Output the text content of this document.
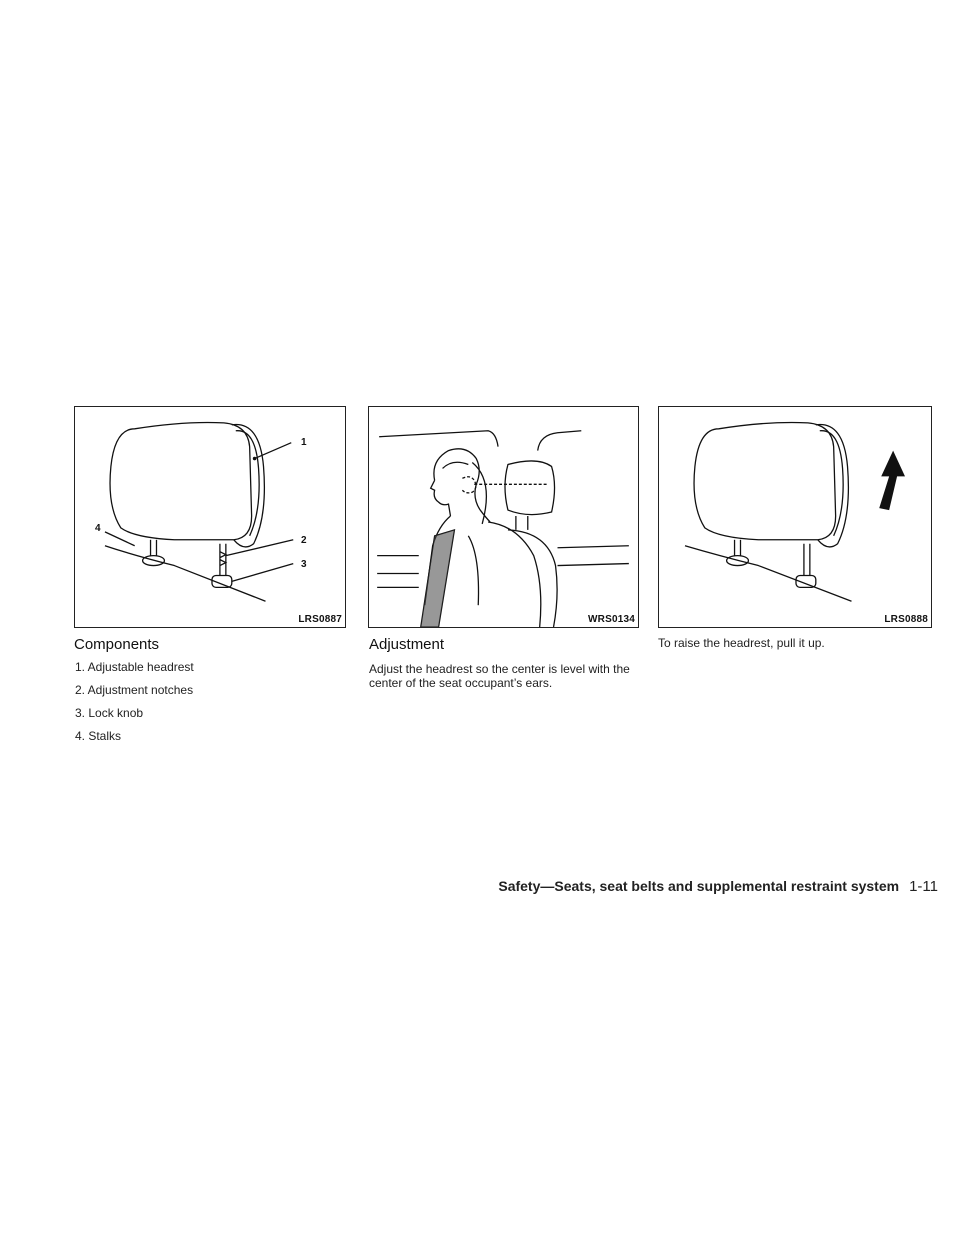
1
2
3
4
LRS0887	WRS0134	LRS0888
Components
1. Adjustable headrest
2. Adjustment notches
3. Lock knob
4. Stalks
Adjustment

Adjust the headrest so the center is level with the center of the seat occupant’s ears.

To raise the headrest, pull it up.

Safety—Seats, seat belts and supplemental restraint system 1-11
